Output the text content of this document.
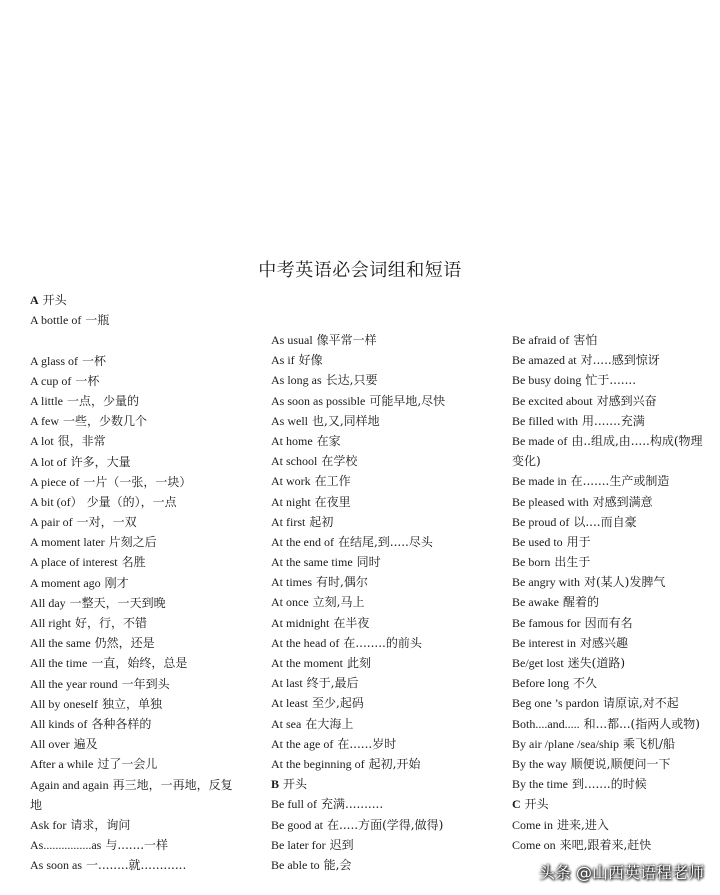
中考英语必会词组和短语
A 开头
A bottle of 一瓶
A glass of 一杯
A cup of 一杯
A little 一点，少量的
A few 一些，少数几个
A lot 很，非常
A lot of 许多，大量
A piece of 一片（一张，一块）
A bit (of） 少量（的），一点
A pair of 一对，一双
A moment later 片刻之后
A place of interest 名胜
A moment ago 刚才
All day 一整天，一天到晚
All right 好，行，不错
All the same 仍然，还是
All the time 一直，始终，总是
All the year round 一年到头
All by oneself 独立，单独
All kinds of 各种各样的
All over 遍及
After a while 过了一会儿
Again and again 再三地，一再地，反复地
Ask for 请求，询问
As................as 与.......一样
As soon as 一........就............
As usual 像平常一样
As if 好像
As long as 长达,只要
As soon as possible 可能早地,尽快
As well 也,又,同样地
At home 在家
At school 在学校
At work 在工作
At night 在夜里
At first 起初
At the end of 在结尾,到.....尽头
At the same time 同时
At times 有时,偶尔
At once 立刻,马上
At midnight 在半夜
At the head of 在........的前头
At the moment 此刻
At last 终于,最后
At least 至少,起码
At sea 在大海上
At the age of 在......岁时
At the beginning of 起初,开始
B 开头
Be full of 充满..........
Be good at 在.....方面(学得,做得)
Be later for 迟到
Be able to 能,会
Be afraid of 害怕
Be amazed at 对.....感到惊讶
Be busy doing 忙于.......
Be excited about 对感到兴奋
Be filled with 用.......充满
Be made of 由..组成,由.....构成(物理变化)
Be made in 在.......生产或制造
Be pleased with 对感到满意
Be proud of 以....而自豪
Be used to 用于
Be born 出生于
Be angry with 对(某人)发脾气
Be awake 醒着的
Be famous for 因而有名
Be interest in 对感兴趣
Be/get lost 迷失(道路)
Before long 不久
Beg one ’s pardon 请原谅,对不起
Both....and..... 和...都...(指两人或物)
By air /plane /sea/ship 乘飞机/船
By the way 顺便说,顺便问一下
By the time 到.......的时候
C 开头
Come in 进来,进入
Come on 来吧,跟着来,赶快
头条 @山西英语程老师
